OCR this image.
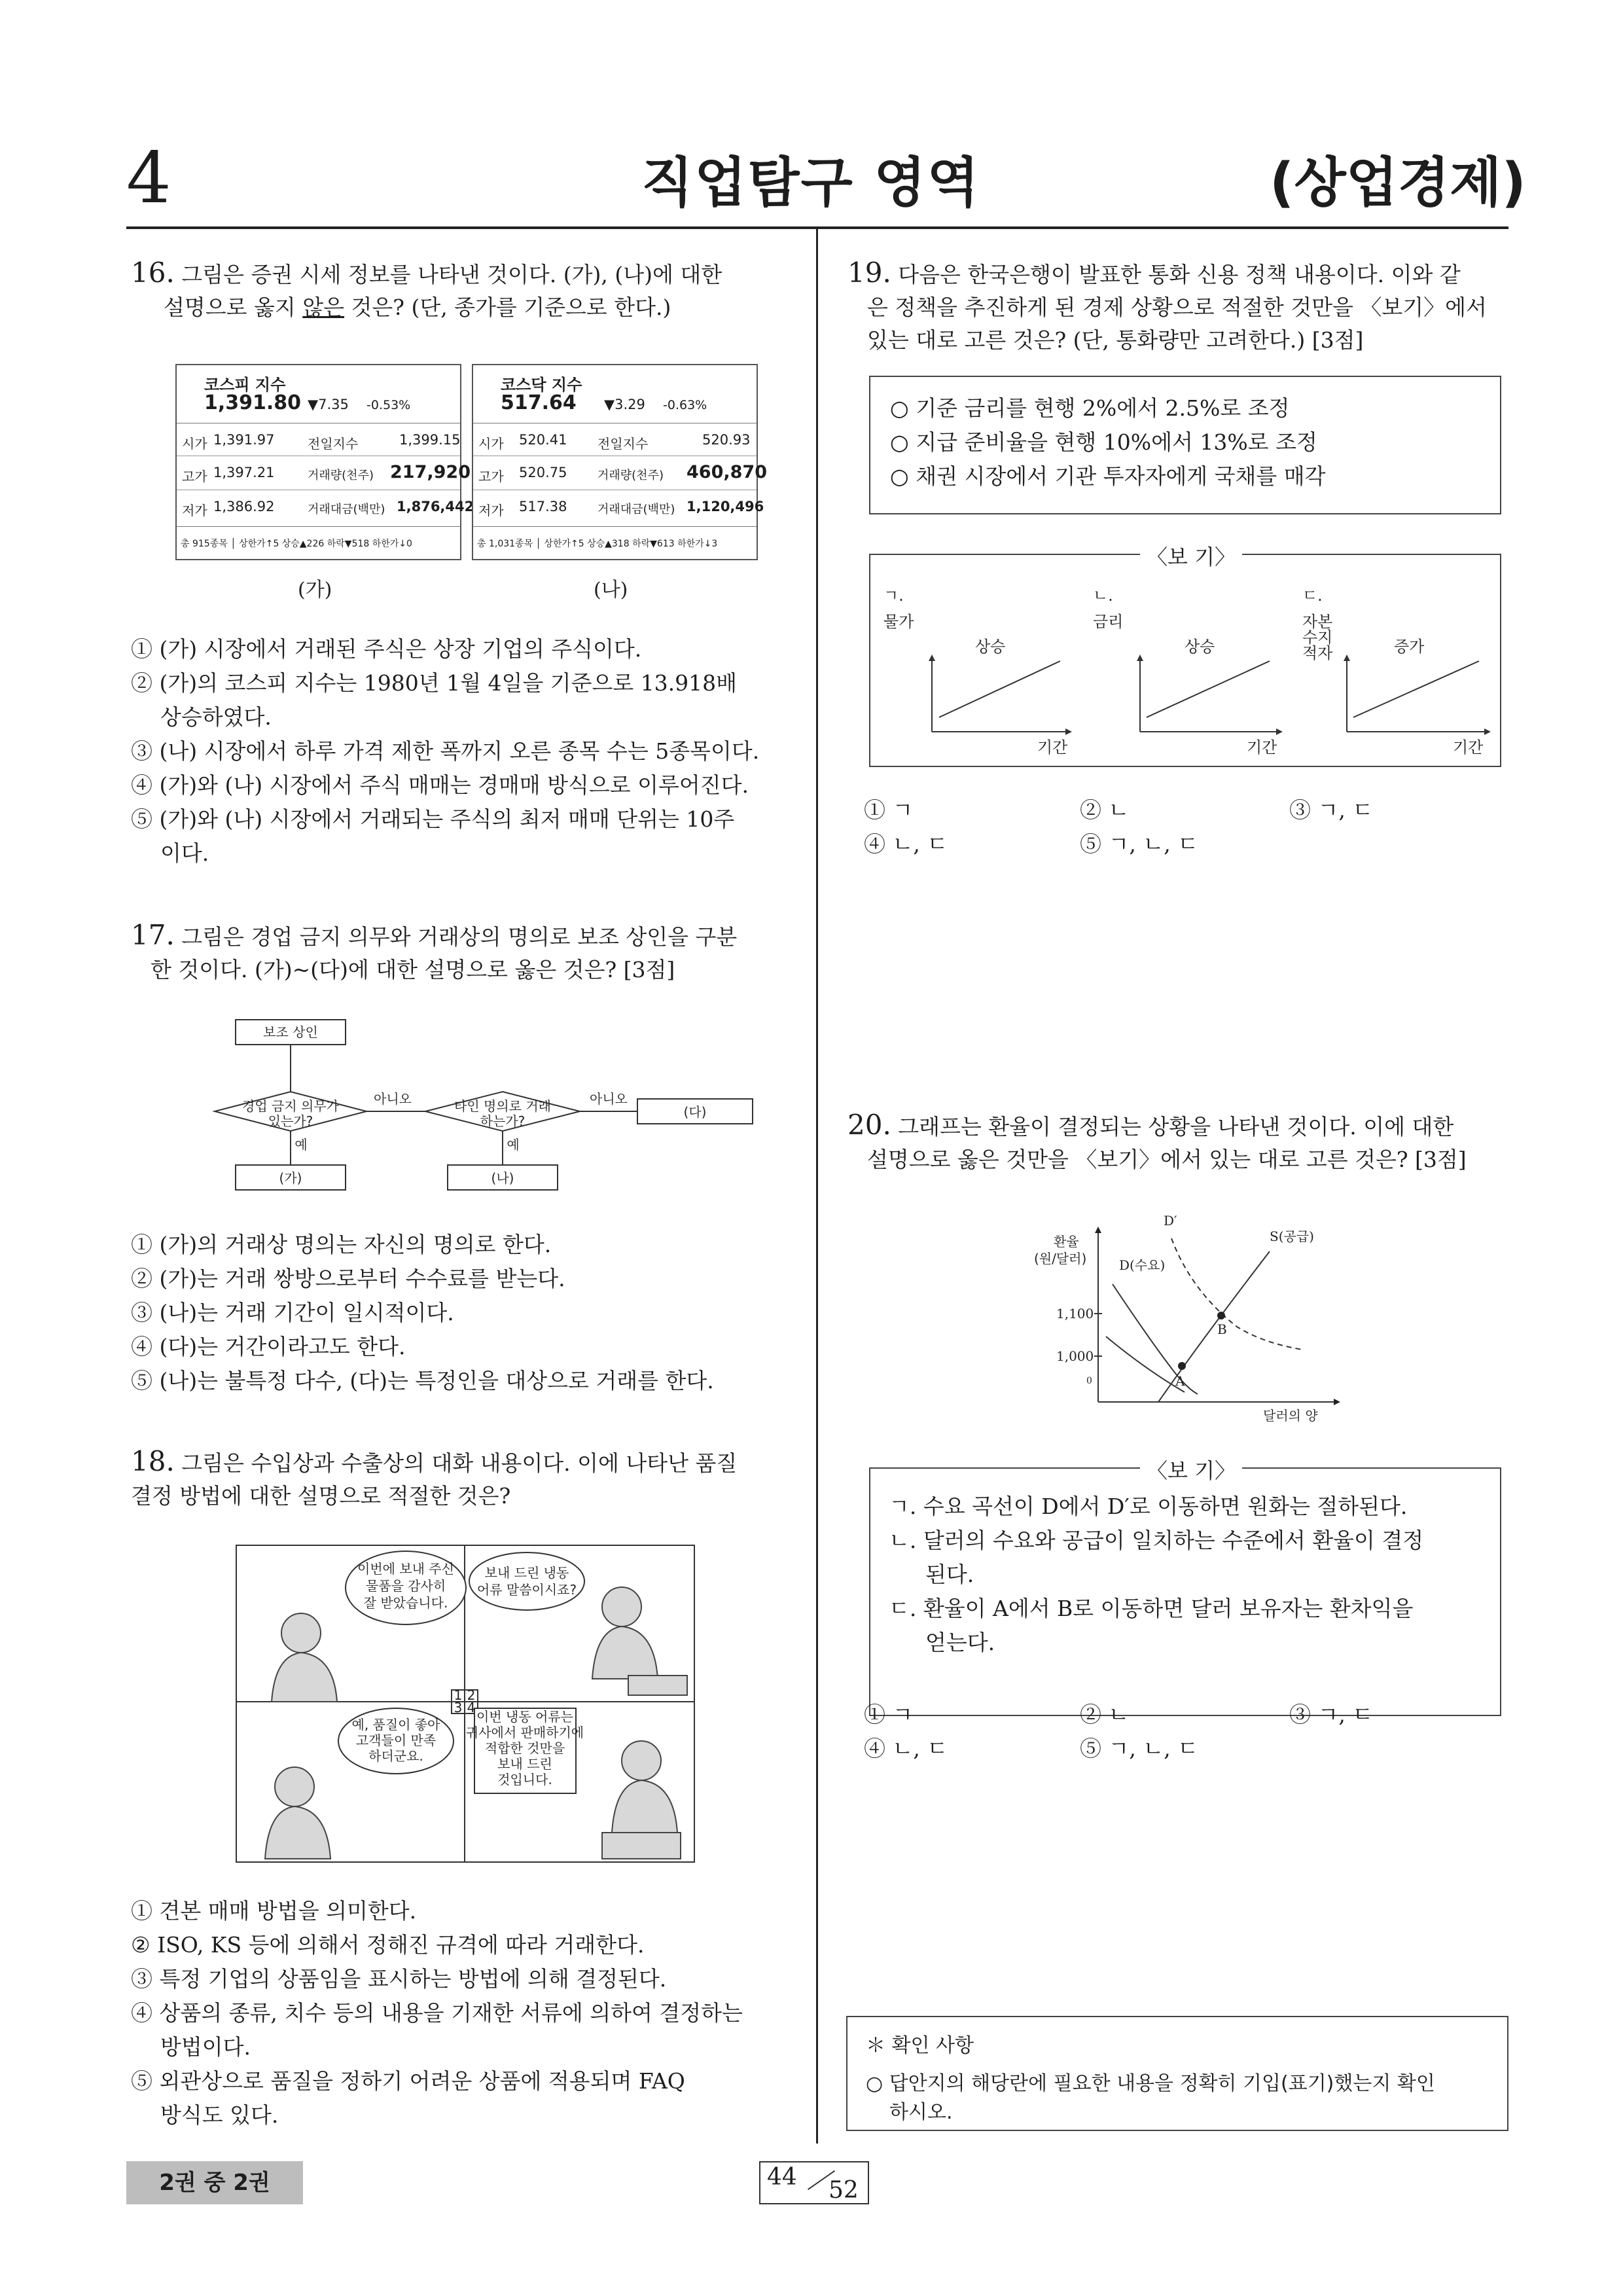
4	직업탐구 영역	(상업경제)
16. 그림은 증권 시세 정보를 나타낸 것이다. (가), (나)에 대한
설명으로 옳지 않은 것은? (단, 종가를 기준으로 한다.)
코스피 지수
1,391.80 ▼7.35 -0.53%
시가 1,391.97	전일지수	1,399.15
고가 1,397.21	거래량(천주) 217,920
저가 1,386.92	거래대금(백만) 1,876,442
총 915종목 │ 상한가↑5 상승▲226 하락▼518 하한가↓0
코스닥 지수
517.64 ▼3.29 -0.63%
시가 520.41 전일지수	520.93
고가 520.75	거래량(천주) 460,870
저가 517.38	거래대금(백만) 1,120,496
총 1,031종목 │ 상한가↑5 상승▲318 하락▼613 하한가↓3
(가)	(나)
① (가) 시장에서 거래된 주식은 상장 기업의 주식이다.
② (가)의 코스피 지수는 1980년 1월 4일을 기준으로 13.918배
상승하였다.
③ (나) 시장에서 하루 가격 제한 폭까지 오른 종목 수는 5종목이다.
④ (가)와 (나) 시장에서 주식 매매는 경매매 방식으로 이루어진다.
⑤ (가)와 (나) 시장에서 거래되는 주식의 최저 매매 단위는 10주
이다.
17. 그림은 경업 금지 의무와 거래상의 명의로 보조 상인을 구분
한 것이다. (가)~(다)에 대한 설명으로 옳은 것은? [3점]
보조 상인
경업 금지 의무가
있는가?
아니오	타인 명의로 거래
하는가?
아니오
(다)
예	예
(가)	(나)
① (가)의 거래상 명의는 자신의 명의로 한다.
② (가)는 거래 쌍방으로부터 수수료를 받는다.
③ (나)는 거래 기간이 일시적이다.
④ (다)는 거간이라고도 한다.
⑤ (나)는 불특정 다수, (다)는 특정인을 대상으로 거래를 한다.
18. 그림은 수입상과 수출상의 대화 내용이다. 이에 나타난 품질
결정 방법에 대한 설명으로 적절한 것은?
이번에 보내 주신
물품을 감사히
잘 받았습니다.
보내 드린 냉동
어류 말씀이시죠?
예, 품질이 좋아
고객들이 만족
하더군요.
이번 냉동 어류는
귀사에서 판매하기에
적합한 것만을
보내 드린
것입니다.
1 2
3 4
① 견본 매매 방법을 의미한다.
② ISO, KS 등에 의해서 정해진 규격에 따라 거래한다.
③ 특정 기업의 상품임을 표시하는 방법에 의해 결정된다.
④ 상품의 종류, 치수 등의 내용을 기재한 서류에 의하여 결정하는
방법이다.
⑤ 외관상으로 품질을 정하기 어려운 상품에 적용되며 FAQ
방식도 있다.
19. 다음은 한국은행이 발표한 통화 신용 정책 내용이다. 이와 같
은 정책을 추진하게 된 경제 상황으로 적절한 것만을 〈보기〉에서
있는 대로 고른 것은? (단, 통화량만 고려한다.) [3점]
○ 기준 금리를 현행 2%에서 2.5%로 조정
○ 지급 준비율을 현행 10%에서 13%로 조정
○ 채권 시장에서 기관 투자자에게 국채를 매각
〈보 기〉
ㄱ.
물가
상승
기간
ㄴ.
금리
상승
기간
ㄷ.
자본
수지
적자	증가
기간
① ㄱ	② ㄴ	③ ㄱ, ㄷ
④ ㄴ, ㄷ	⑤ ㄱ, ㄴ, ㄷ
20. 그래프는 환율이 결정되는 상황을 나타낸 것이다. 이에 대한
설명으로 옳은 것만을 〈보기〉에서 있는 대로 고른 것은? [3점]
환율
(원/달러)
D′
S(공급)
D(수요)
1,100
1,000
A
B
0
달러의 양
〈보 기〉
ㄱ. 수요 곡선이 D에서 D′로 이동하면 원화는 절하된다.
ㄴ. 달러의 수요와 공급이 일치하는 수준에서 환율이 결정
된다.
ㄷ. 환율이 A에서 B로 이동하면 달러 보유자는 환차익을
얻는다.
① ㄱ	② ㄴ	③ ㄱ, ㄷ
④ ㄴ, ㄷ	⑤ ㄱ, ㄴ, ㄷ
＊ 확인 사항
○ 답안지의 해당란에 필요한 내용을 정확히 기입(표기)했는지 확인
하시오.
2권 중 2권	44 52
